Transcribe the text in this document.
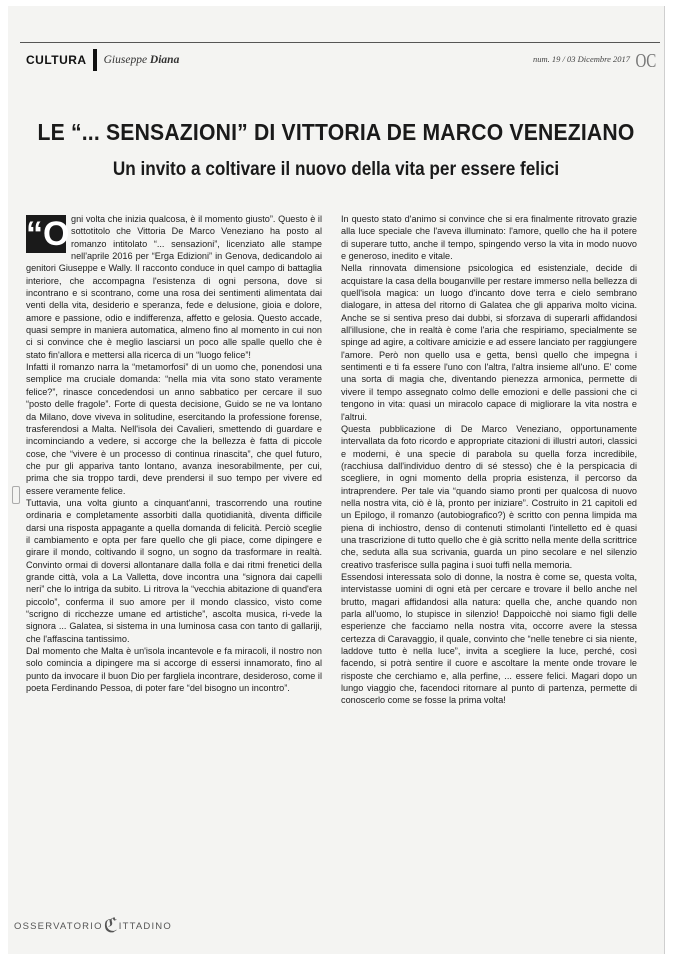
CULTURA Giuseppe Diana	num. 19 / 03 Dicembre 2017 OC
LE “... SENSAZIONI” DI VITTORIA DE MARCO VENEZIANO
Un invito a coltivare il nuovo della vita per essere felici

“O gni volta che inizia qualcosa, è il momento giusto”. Questo è il sottotitolo che Vittoria De Marco Veneziano ha posto al romanzo intitolato “... sensazioni”, licenziato alle stampe nell'aprile 2016 per “Erga Edizioni” in Genova, dedicandolo ai genitori Giuseppe e Wally. Il racconto conduce in quel campo di battaglia interiore, che accompagna l'esistenza di ogni persona, dove si incontrano e si scontrano, come una rosa dei sentimenti alimentata dai venti della vita, desiderio e speranza, fede e delusione, gioia e dolore, amore e passione, odio e indifferenza, affetto e gelosia. Questo accade, quasi sempre in maniera automatica, almeno fino al momento in cui non ci si convince che è meglio lasciarsi un poco alle spalle quello che è stato fin'allora e mettersi alla ricerca di un “luogo felice”!

Infatti il romanzo narra la “metamorfosi” di un uomo che, ponendosi una semplice ma cruciale domanda: “nella mia vita sono stato veramente felice?”, rinasce concedendosi un anno sabbatico per cercare il suo “posto delle fragole”. Forte di questa decisione, Guido se ne va lontano da Milano, dove viveva in solitudine, esercitando la professione forense, trasferendosi a Malta. Nell'isola dei Cavalieri, smettendo di guardare e incominciando a vedere, si accorge che la bellezza è fatta di piccole cose, che “vivere è un processo di continua rinascita”, che quel futuro, che pur gli appariva tanto lontano, avanza inesorabilmente, per cui, prima che sia troppo tardi, deve prendersi il suo tempo per vivere ed essere veramente felice.

Tuttavia, una volta giunto a cinquant'anni, trascorrendo una routine ordinaria e completamente assorbiti dalla quotidianità, diventa difficile darsi una risposta appagante a quella domanda di felicità. Perciò sceglie il cambiamento e opta per fare quello che gli piace, come dipingere e girare il mondo, coltivando il sogno, un sogno da trasformare in realtà. Convinto ormai di doversi allontanare dalla folla e dai ritmi frenetici della grande città, vola a La Valletta, dove incontra una “signora dai capelli neri” che lo intriga da subito. Li ritrova la “vecchia abitazione di quand'era piccolo”, conferma il suo amore per il mondo classico, visto come “scrigno di ricchezze umane ed artistiche”, ascolta musica, ri-vede la signora ... Galatea, si sistema in una luminosa casa con tanto di gallariji, che l'affascina tantissimo.

Dal momento che Malta è un'isola incantevole e fa miracoli, il nostro non solo comincia a dipingere ma si accorge di essersi innamorato, fino al punto da invocare il buon Dio per fargliela incontrare, desideroso, come il poeta Ferdinando Pessoa, di poter fare “del bisogno un incontro”.

In questo stato d'animo si convince che si era finalmente ritrovato grazie alla luce speciale che l'aveva illuminato: l'amore, quello che ha il potere di superare tutto, anche il tempo, spingendo verso la vita in modo nuovo e generoso, inedito e vitale.

Nella rinnovata dimensione psicologica ed esistenziale, decide di acquistare la casa della bouganville per restare immerso nella bellezza di quell'isola magica: un luogo d'incanto dove terra e cielo sembrano dialogare, in attesa del ritorno di Galatea che gli appariva molto vicina. Anche se si sentiva preso dai dubbi, si sforzava di superarli affidandosi all'illusione, che in realtà è come l'aria che respiriamo, specialmente se spinge ad agire, a coltivare amicizie e ad essere lanciato per raggiungere l'amore. Però non quello usa e getta, bensì quello che impegna i sentimenti e ti fa essere l'uno con l'altra, l'altra insieme all'uno. E' come una sorta di magia che, diventando pienezza armonica, permette di vivere il tempo assegnato colmo delle emozioni e delle passioni che ci tengono in vita: quasi un miracolo capace di migliorare la vita nostra e l'altrui.

Questa pubblicazione di De Marco Veneziano, opportunamente intervallata da foto ricordo e appropriate citazioni di illustri autori, classici e moderni, è una specie di parabola su quella forza incredibile, (racchiusa dall'individuo dentro di sé stesso) che è la perspicacia di scegliere, in ogni momento della propria esistenza, il percorso da intraprendere. Per tale via “quando siamo pronti per qualcosa di nuovo nella nostra vita, ciò è là, pronto per iniziare”. Costruito in 21 capitoli ed un Epilogo, il romanzo (autobiografico?) è scritto con penna limpida ma piena di inchiostro, denso di contenuti stimolanti l'intelletto ed è quasi una trascrizione di tutto quello che è già scritto nella mente della scrittrice che, seduta alla sua scrivania, guarda un pino secolare e nel silenzio creativo trasferisce sulla pagina i suoi tuffi nella memoria.

Essendosi interessata solo di donne, la nostra è come se, questa volta, intervistasse uomini di ogni età per cercare e trovare il bello anche nel brutto, magari affidandosi alla natura: quella che, anche quando non parla all'uomo, lo stupisce in silenzio! Dappoicchè noi siamo figli delle esperienze che facciamo nella nostra vita, occorre avere la stessa certezza di Caravaggio, il quale, convinto che “nelle tenebre ci sia niente, laddove tutto è nella luce”, invita a scegliere la luce, perché, così facendo, si potrà sentire il cuore e ascoltare la mente onde trovare le risposte che cerchiamo e, alla perfine, ... essere felici. Magari dopo un lungo viaggio che, facendoci ritornare al punto di partenza, permette di conoscerlo come se fosse la prima volta!

OSSERVATORIO ℭ ITTADINO
